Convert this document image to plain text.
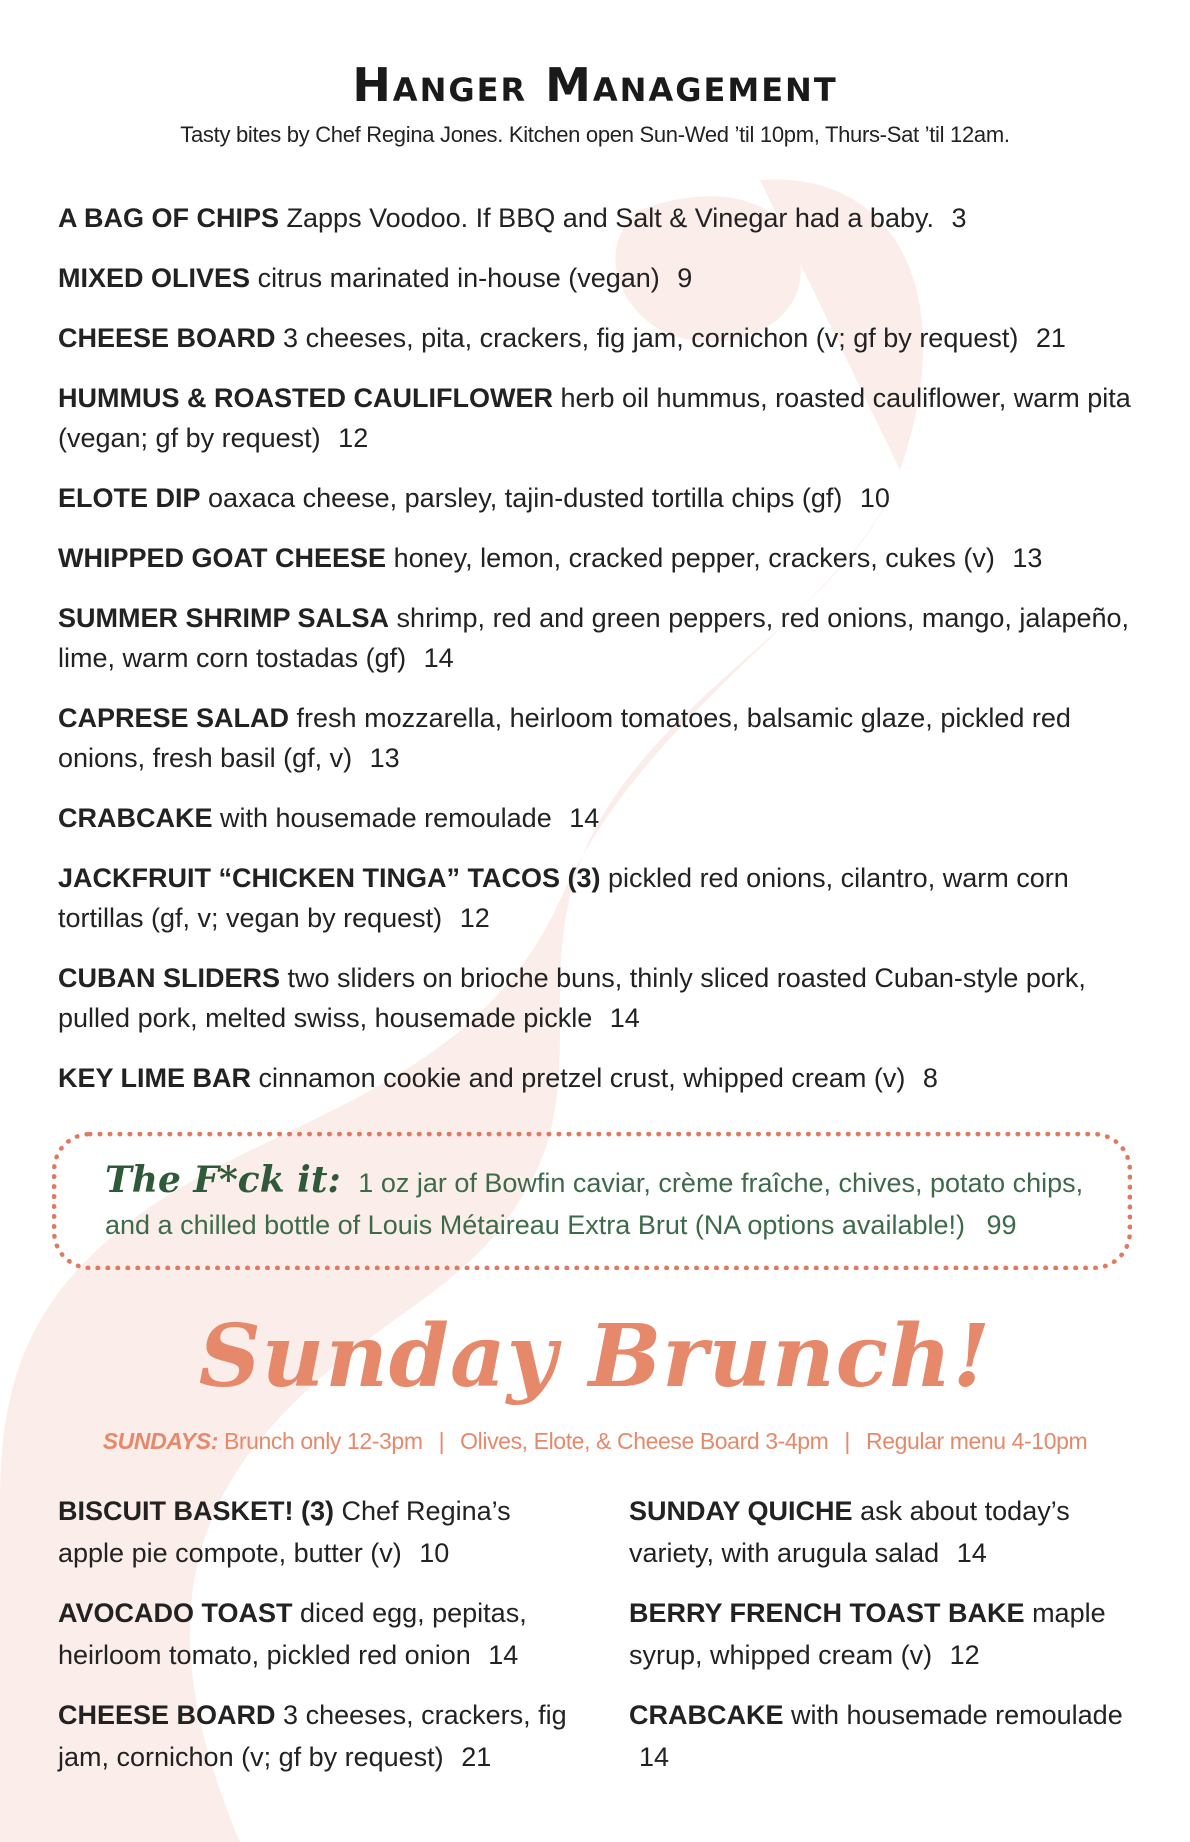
Hanger Management
Tasty bites by Chef Regina Jones. Kitchen open Sun-Wed ’til 10pm, Thurs-Sat ’til 12am.
A BAG OF CHIPS Zapps Voodoo. If BBQ and Salt & Vinegar had a baby. 3
MIXED OLIVES citrus marinated in-house (vegan) 9
CHEESE BOARD 3 cheeses, pita, crackers, fig jam, cornichon (v; gf by request) 21
HUMMUS & ROASTED CAULIFLOWER herb oil hummus, roasted cauliflower, warm pita (vegan; gf by request) 12
ELOTE DIP oaxaca cheese, parsley, tajin-dusted tortilla chips (gf) 10
WHIPPED GOAT CHEESE honey, lemon, cracked pepper, crackers, cukes (v) 13
SUMMER SHRIMP SALSA shrimp, red and green peppers, red onions, mango, jalapeño, lime, warm corn tostadas (gf) 14
CAPRESE SALAD fresh mozzarella, heirloom tomatoes, balsamic glaze, pickled red onions, fresh basil (gf, v) 13
CRABCAKE with housemade remoulade 14
JACKFRUIT “CHICKEN TINGA” TACOS (3) pickled red onions, cilantro, warm corn tortillas (gf, v; vegan by request) 12
CUBAN SLIDERS two sliders on brioche buns, thinly sliced roasted Cuban-style pork, pulled pork, melted swiss, housemade pickle 14
KEY LIME BAR cinnamon cookie and pretzel crust, whipped cream (v) 8
The F*ck it: 1 oz jar of Bowfin caviar, crème fraîche, chives, potato chips, and a chilled bottle of Louis Métaireau Extra Brut (NA options available!) 99
Sunday Brunch!
SUNDAYS: Brunch only 12-3pm | Olives, Elote, & Cheese Board 3-4pm | Regular menu 4-10pm
BISCUIT BASKET! (3) Chef Regina’s apple pie compote, butter (v) 10
AVOCADO TOAST diced egg, pepitas, heirloom tomato, pickled red onion 14
CHEESE BOARD 3 cheeses, crackers, fig jam, cornichon (v; gf by request) 21
SUNDAY QUICHE ask about today’s variety, with arugula salad 14
BERRY FRENCH TOAST BAKE maple syrup, whipped cream (v) 12
CRABCAKE with housemade remoulade 14
